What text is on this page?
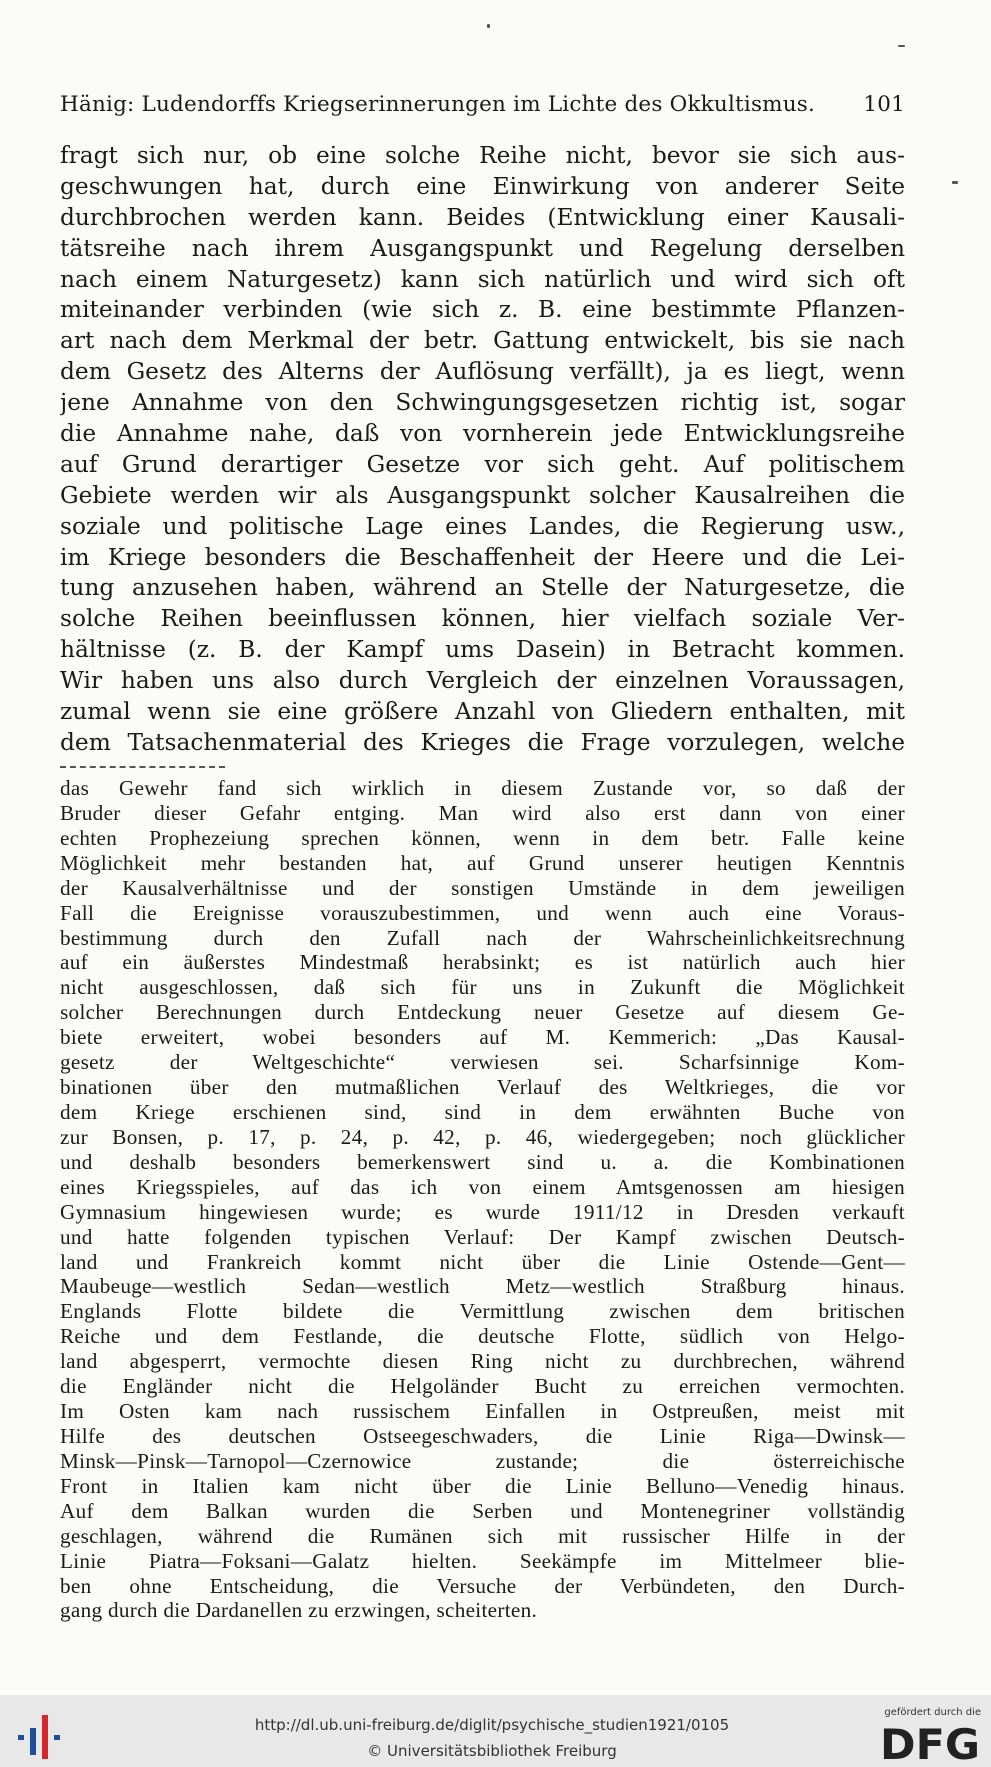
Hänig: Ludendorffs Kriegserinnerungen im Lichte des Okkultismus. 101
fragt sich nur, ob eine solche Reihe nicht, bevor sie sich aus-
geschwungen hat, durch eine Einwirkung von anderer Seite
durchbrochen werden kann. Beides (Entwicklung einer Kausali-
tätsreihe nach ihrem Ausgangspunkt und Regelung derselben
nach einem Naturgesetz) kann sich natürlich und wird sich oft
miteinander verbinden (wie sich z. B. eine bestimmte Pflanzen-
art nach dem Merkmal der betr. Gattung entwickelt, bis sie nach
dem Gesetz des Alterns der Auflösung verfällt), ja es liegt, wenn
jene Annahme von den Schwingungsgesetzen richtig ist, sogar
die Annahme nahe, daß von vornherein jede Entwicklungsreihe
auf Grund derartiger Gesetze vor sich geht. Auf politischem
Gebiete werden wir als Ausgangspunkt solcher Kausalreihen die
soziale und politische Lage eines Landes, die Regierung usw.,
im Kriege besonders die Beschaffenheit der Heere und die Lei-
tung anzusehen haben, während an Stelle der Naturgesetze, die
solche Reihen beeinflussen können, hier vielfach soziale Ver-
hältnisse (z. B. der Kampf ums Dasein) in Betracht kommen.
Wir haben uns also durch Vergleich der einzelnen Voraussagen,
zumal wenn sie eine größere Anzahl von Gliedern enthalten, mit
dem Tatsachenmaterial des Krieges die Frage vorzulegen, welche
das Gewehr fand sich wirklich in diesem Zustande vor, so daß der
Bruder dieser Gefahr entging. Man wird also erst dann von einer
echten Prophezeiung sprechen können, wenn in dem betr. Falle keine
Möglichkeit mehr bestanden hat, auf Grund unserer heutigen Kenntnis
der Kausalverhältnisse und der sonstigen Umstände in dem jeweiligen
Fall die Ereignisse vorauszubestimmen, und wenn auch eine Voraus-
bestimmung durch den Zufall nach der Wahrscheinlichkeitsrechnung
auf ein äußerstes Mindestmaß herabsinkt; es ist natürlich auch hier
nicht ausgeschlossen, daß sich für uns in Zukunft die Möglichkeit
solcher Berechnungen durch Entdeckung neuer Gesetze auf diesem Ge-
biete erweitert, wobei besonders auf M. Kemmerich: „Das Kausal-
gesetz der Weltgeschichte“ verwiesen sei. Scharfsinnige Kom-
binationen über den mutmaßlichen Verlauf des Weltkrieges, die vor
dem Kriege erschienen sind, sind in dem erwähnten Buche von
zur Bonsen, p. 17, p. 24, p. 42, p. 46, wiedergegeben; noch glücklicher
und deshalb besonders bemerkenswert sind u. a. die Kombinationen
eines Kriegsspieles, auf das ich von einem Amtsgenossen am hiesigen
Gymnasium hingewiesen wurde; es wurde 1911/12 in Dresden verkauft
und hatte folgenden typischen Verlauf: Der Kampf zwischen Deutsch-
land und Frankreich kommt nicht über die Linie Ostende—Gent—
Maubeuge—westlich Sedan—westlich Metz—westlich Straßburg hinaus.
Englands Flotte bildete die Vermittlung zwischen dem britischen
Reiche und dem Festlande, die deutsche Flotte, südlich von Helgo-
land abgesperrt, vermochte diesen Ring nicht zu durchbrechen, während
die Engländer nicht die Helgoländer Bucht zu erreichen vermochten.
Im Osten kam nach russischem Einfallen in Ostpreußen, meist mit
Hilfe des deutschen Ostseegeschwaders, die Linie Riga—Dwinsk—
Minsk—Pinsk—Tarnopol—Czernowice zustande; die österreichische
Front in Italien kam nicht über die Linie Belluno—Venedig hinaus.
Auf dem Balkan wurden die Serben und Montenegriner vollständig
geschlagen, während die Rumänen sich mit russischer Hilfe in der
Linie Piatra—Foksani—Galatz hielten. Seekämpfe im Mittelmeer blie-
ben ohne Entscheidung, die Versuche der Verbündeten, den Durch-
gang durch die Dardanellen zu erzwingen, scheiterten.
http://dl.ub.uni-freiburg.de/diglit/psychische_studien1921/0105
© Universitätsbibliothek Freiburg
gefördert durch die
DFG
